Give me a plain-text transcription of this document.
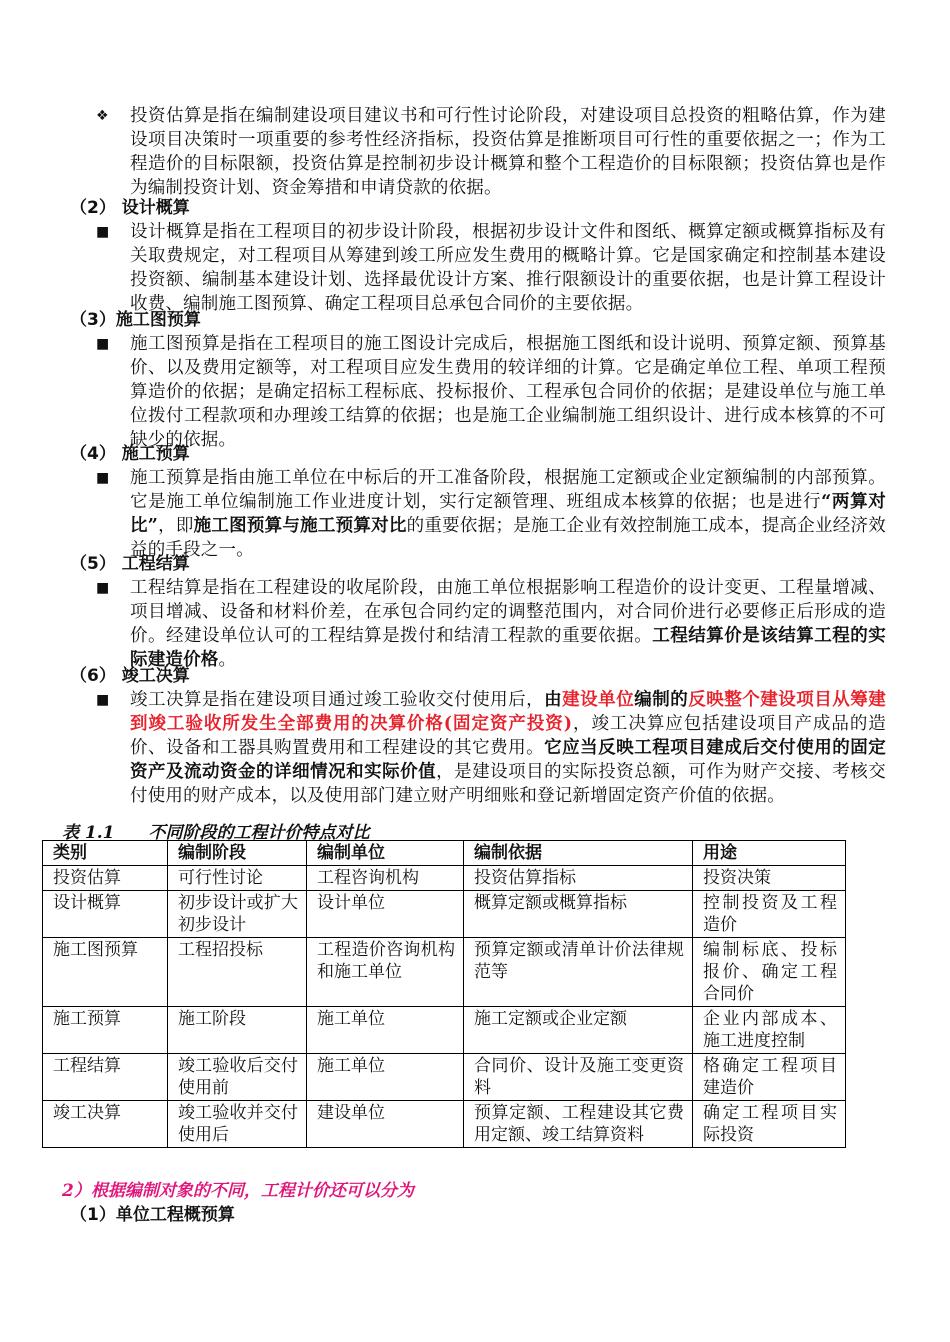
❖ 投资估算是指在编制建设项目建议书和可行性讨论阶段，对建设项目总投资的粗略估算，作为建设项目决策时一项重要的参考性经济指标，投资估算是推断项目可行性的重要依据之一；作为工程造价的目标限额，投资估算是控制初步设计概算和整个工程造价的目标限额；投资估算也是作为编制投资计划、资金筹措和申请贷款的依据。
（2） 设计概算
■ 设计概算是指在工程项目的初步设计阶段，根据初步设计文件和图纸、概算定额或概算指标及有关取费规定，对工程项目从筹建到竣工所应发生费用的概略计算。它是国家确定和控制基本建设投资额、编制基本建设计划、选择最优设计方案、推行限额设计的重要依据，也是计算工程设计收费、编制施工图预算、确定工程项目总承包合同价的主要依据。
（3）施工图预算
■ 施工图预算是指在工程项目的施工图设计完成后，根据施工图纸和设计说明、预算定额、预算基价、以及费用定额等，对工程项目应发生费用的较详细的计算。它是确定单位工程、单项工程预算造价的依据；是确定招标工程标底、投标报价、工程承包合同价的依据；是建设单位与施工单位拨付工程款项和办理竣工结算的依据；也是施工企业编制施工组织设计、进行成本核算的不可缺少的依据。
（4） 施工预算
■ 施工预算是指由施工单位在中标后的开工准备阶段，根据施工定额或企业定额编制的内部预算。它是施工单位编制施工作业进度计划，实行定额管理、班组成本核算的依据；也是进行“两算对比”，即施工图预算与施工预算对比的重要依据；是施工企业有效控制施工成本，提高企业经济效益的手段之一。
（5） 工程结算
■ 工程结算是指在工程建设的收尾阶段，由施工单位根据影响工程造价的设计变更、工程量增减、项目增减、设备和材料价差，在承包合同约定的调整范围内，对合同价进行必要修正后形成的造价。经建设单位认可的工程结算是拨付和结清工程款的重要依据。工程结算价是该结算工程的实际建造价格。
（6） 竣工决算
■ 竣工决算是指在建设项目通过竣工验收交付使用后，由建设单位编制的反映整个建设项目从筹建到竣工验收所发生全部费用的决算价格(固定资产投资)，竣工决算应包括建设项目产成品的造价、设备和工器具购置费用和工程建设的其它费用。它应当反映工程项目建成后交付使用的固定资产及流动资金的详细情况和实际价值，是建设项目的实际投资总额，可作为财产交接、考核交付使用的财产成本，以及使用部门建立财产明细账和登记新增固定资产价值的依据。
表 1.1　　不同阶段的工程计价特点对比
类别	编制阶段	编制单位	编制依据	用途
投资估算	可行性讨论	工程咨询机构	投资估算指标	投资决策
设计概算	初步设计或扩大初步设计	设计单位	概算定额或概算指标	控制投资及工程造价
施工图预算	工程招投标	工程造价咨询机构和施工单位	预算定额或清单计价法律规范等	编制标底、投标报价、确定工程合同价
施工预算	施工阶段	施工单位	施工定额或企业定额	企业内部成本、施工进度控制
工程结算	竣工验收后交付使用前	施工单位	合同价、设计及施工变更资料	格确定工程项目建造价
竣工决算	竣工验收并交付使用后	建设单位	预算定额、工程建设其它费用定额、竣工结算资料	确定工程项目实际投资
2）根据编制对象的不同，工程计价还可以分为
（1）单位工程概预算
